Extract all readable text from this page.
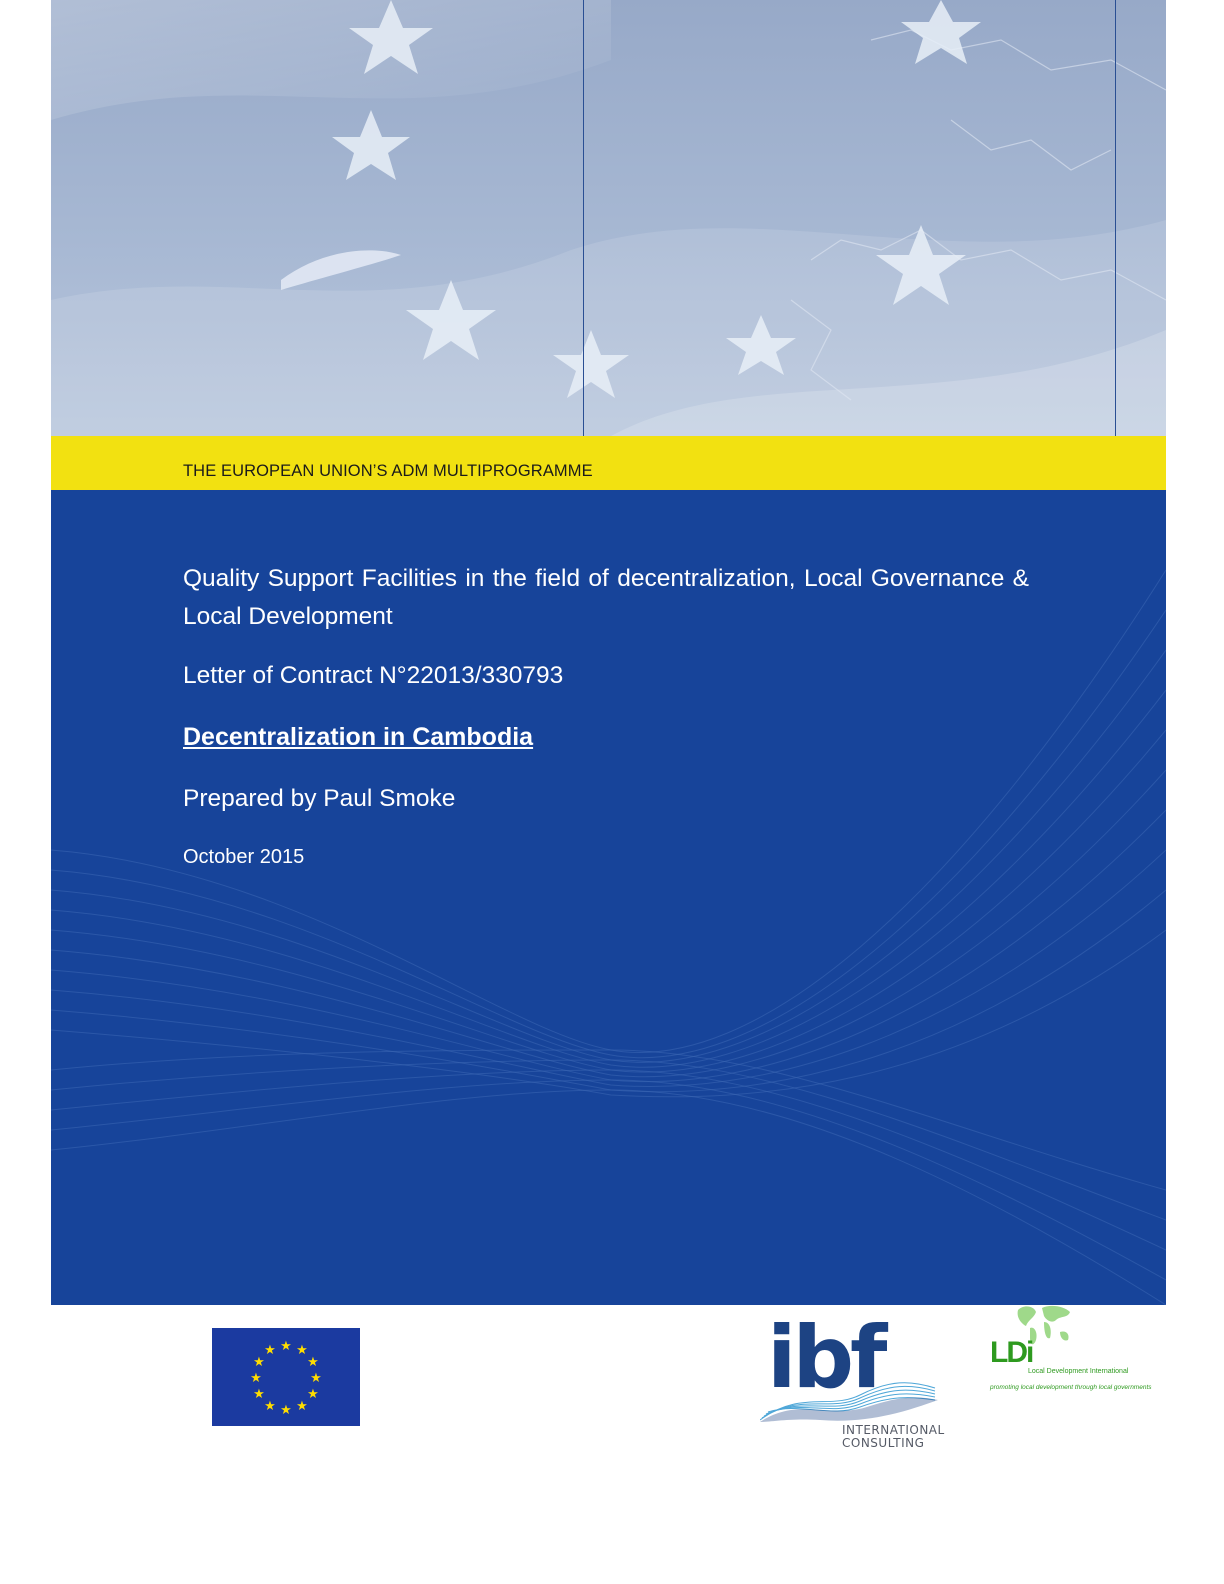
THE EUROPEAN UNION’S ADM MULTIPROGRAMME
Quality Support Facilities in the field of decentralization, Local Governance & Local Development
Letter of Contract N°22013/330793
Decentralization in Cambodia
Prepared by Paul Smoke
October 2015
★ ★
★
★
★
★
★
★
★
★
★
★	ibf
INTERNATIONAL
CONSULTING
LDi
Local Development International
promoting local development through local governments
